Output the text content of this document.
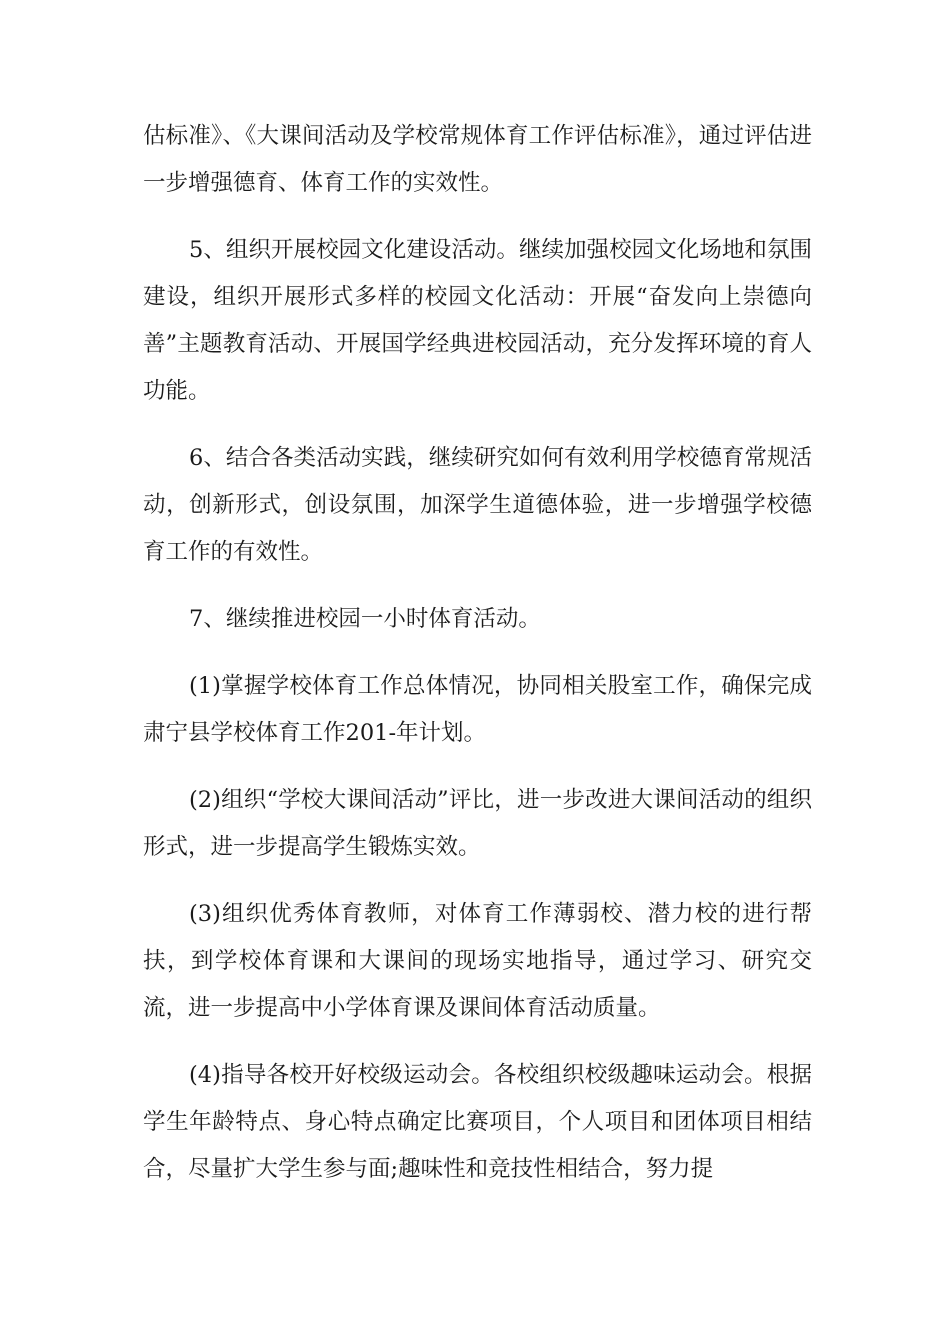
估标准》、《大课间活动及学校常规体育工作评估标准》，通过评估进一步增强德育、体育工作的实效性。

5、组织开展校园文化建设活动。继续加强校园文化场地和氛围建设，组织开展形式多样的校园文化活动：开展“奋发向上崇德向善”主题教育活动、开展国学经典进校园活动，充分发挥环境的育人功能。

6、结合各类活动实践，继续研究如何有效利用学校德育常规活动，创新形式，创设氛围，加深学生道德体验，进一步增强学校德育工作的有效性。

7、继续推进校园一小时体育活动。

(1)掌握学校体育工作总体情况，协同相关股室工作，确保完成肃宁县学校体育工作201-年计划。

(2)组织“学校大课间活动”评比，进一步改进大课间活动的组织形式，进一步提高学生锻炼实效。

(3)组织优秀体育教师，对体育工作薄弱校、潜力校的进行帮扶，到学校体育课和大课间的现场实地指导，通过学习、研究交流，进一步提高中小学体育课及课间体育活动质量。

(4)指导各校开好校级运动会。各校组织校级趣味运动会。根据学生年龄特点、身心特点确定比赛项目，个人项目和团体项目相结合，尽量扩大学生参与面;趣味性和竞技性相结合，努力提
